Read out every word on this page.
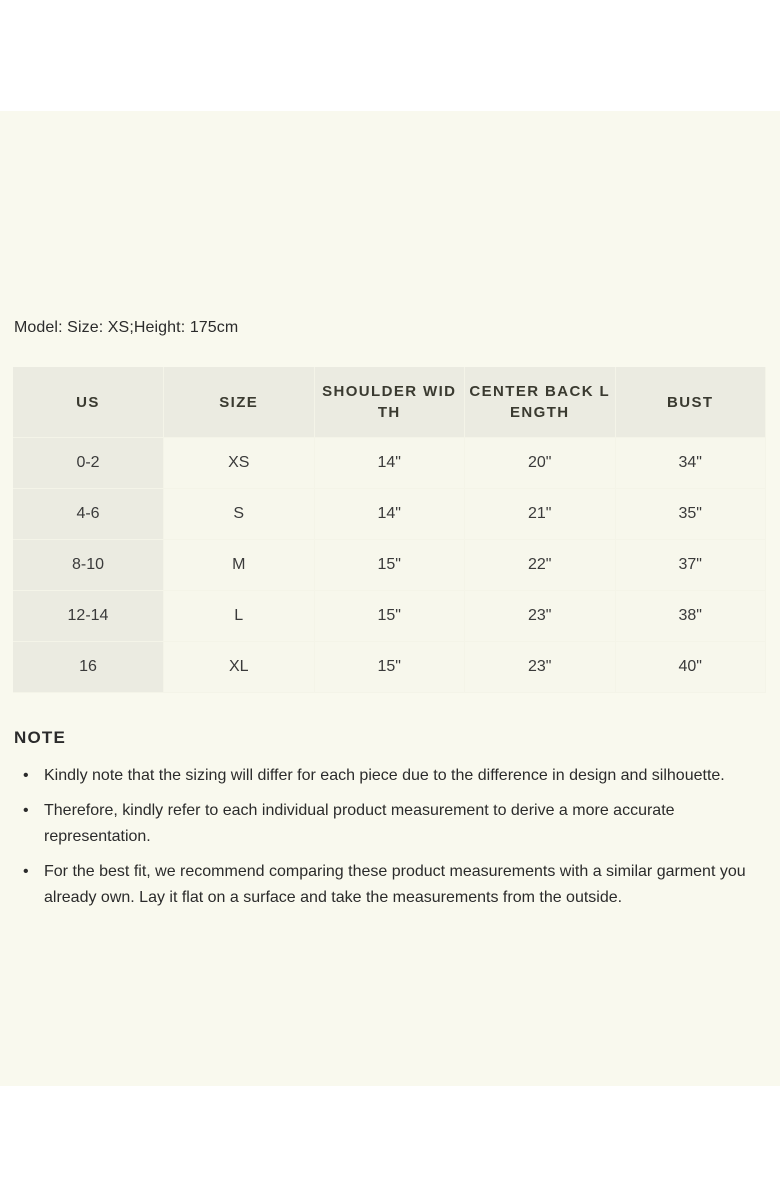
Model: Size: XS;Height: 175cm
US	SIZE	SHOULDER WIDTH	CENTER BACK LENGTH	BUST
0-2	XS	14"	20"	34"
4-6	S	14"	21"	35"
8-10	M	15"	22"	37"
12-14	L	15"	23"	38"
16	XL	15"	23"	40"
NOTE
• Kindly note that the sizing will differ for each piece due to the difference in design and silhouette.
• Therefore, kindly refer to each individual product measurement to derive a more accurate representation.
• For the best fit, we recommend comparing these product measurements with a similar garment you already own. Lay it flat on a surface and take the measurements from the outside.
